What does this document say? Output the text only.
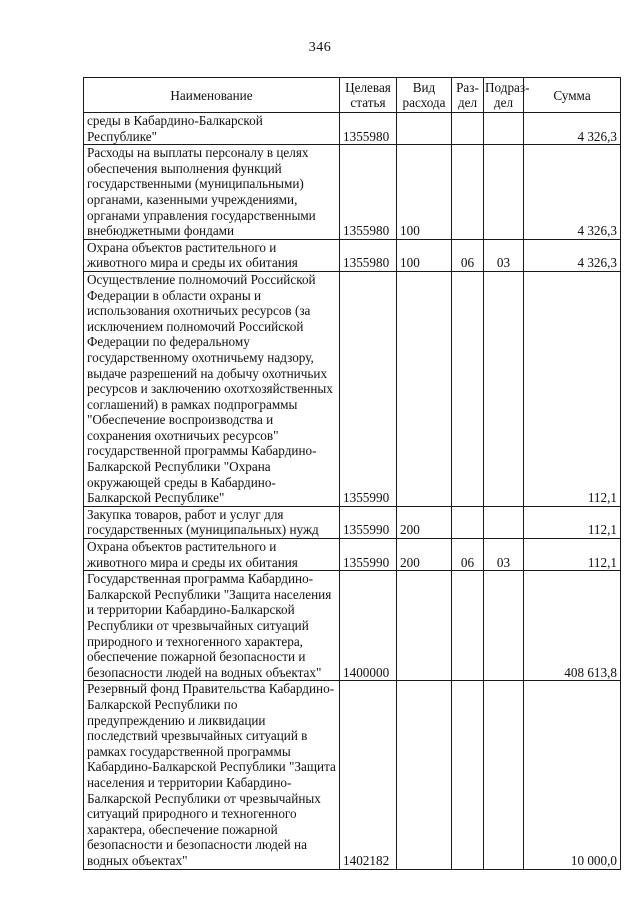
346
Наименование	Целевая статья	Вид расхода	Раз-дел	Подраз-дел	Сумма
среды в Кабардино-Балкарской Республике"	1355980				4 326,3
Расходы на выплаты персоналу в целях обеспечения выполнения функций государственными (муниципальными) органами, казенными учреждениями, органами управления государственными внебюджетными фондами	1355980	100			4 326,3
Охрана объектов растительного и животного мира и среды их обитания	1355980	100	06	03	4 326,3
Осуществление полномочий Российской Федерации в области охраны и использования охотничьих ресурсов (за исключением полномочий Российской Федерации по федеральному государственному охотничьему надзору, выдаче разрешений на добычу охотничьих ресурсов и заключению охотхозяйственных соглашений) в рамках подпрограммы "Обеспечение воспроизводства и сохранения охотничьих ресурсов" государственной программы Кабардино-Балкарской Республики "Охрана окружающей среды в Кабардино-Балкарской Республике"	1355990				112,1
Закупка товаров, работ и услуг для государственных (муниципальных) нужд	1355990	200			112,1
Охрана объектов растительного и животного мира и среды их обитания	1355990	200	06	03	112,1
Государственная программа Кабардино-Балкарской Республики "Защита населения и территории Кабардино-Балкарской Республики от чрезвычайных ситуаций природного и техногенного характера, обеспечение пожарной безопасности и безопасности людей на водных объектах"	1400000				408 613,8
Резервный фонд Правительства Кабардино-Балкарской Республики по предупреждению и ликвидации последствий чрезвычайных ситуаций в рамках государственной программы Кабардино-Балкарской Республики "Защита населения и территории Кабардино-Балкарской Республики от чрезвычайных ситуаций природного и техногенного характера, обеспечение пожарной безопасности и безопасности людей на водных объектах"	1402182				10 000,0
